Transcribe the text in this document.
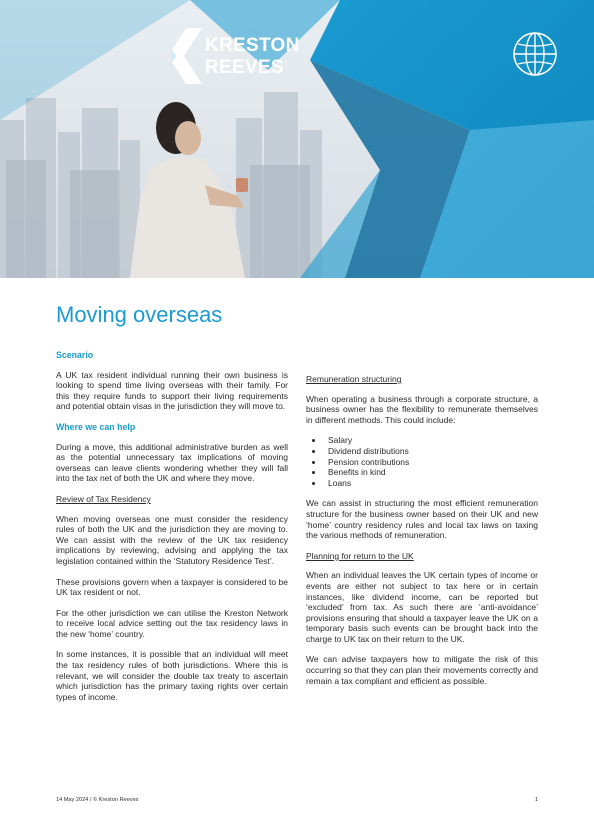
KRESTON
REEVES
Moving overseas
Scenario

A UK tax resident individual running their own business is looking to spend time living overseas with their family. For this they require funds to support their living requirements and potential obtain visas in the jurisdiction they will move to.

Where we can help

During a move, this additional administrative burden as well as the potential unnecessary tax implications of moving overseas can leave clients wondering whether they will fall into the tax net of both the UK and where they move.

Review of Tax Residency

When moving overseas one must consider the residency rules of both the UK and the jurisdiction they are moving to. We can assist with the review of the UK tax residency implications by reviewing, advising and applying the tax legislation contained within the ‘Statutory Residence Test’.

These provisions govern when a taxpayer is considered to be UK tax resident or not.

For the other jurisdiction we can utilise the Kreston Network to receive local advice setting out the tax residency laws in the new ‘home’ country.

In some instances, it is possible that an individual will meet the tax residency rules of both jurisdictions. Where this is relevant, we will consider the double tax treaty to ascertain which jurisdiction has the primary taxing rights over certain types of income.

Remuneration structuring

When operating a business through a corporate structure, a business owner has the flexibility to remunerate themselves in different methods. This could include:

• Salary
• Dividend distributions
• Pension contributions
• Benefits in kind
• Loans

We can assist in structuring the most efficient remuneration structure for the business owner based on their UK and new ‘home’ country residency rules and local tax laws on taxing the various methods of remuneration.

Planning for return to the UK

When an individual leaves the UK certain types of income or events are either not subject to tax here or in certain instances, like dividend income, can be reported but ‘excluded’ from tax. As such there are ‘anti-avoidance’ provisions ensuring that should a taxpayer leave the UK on a temporary basis such events can be brought back into the charge to UK tax on their return to the UK.

We can advise taxpayers how to mitigate the risk of this occurring so that they can plan their movements correctly and remain a tax compliant and efficient as possible.

14 May 2024 / © Kreston Reeves	1
